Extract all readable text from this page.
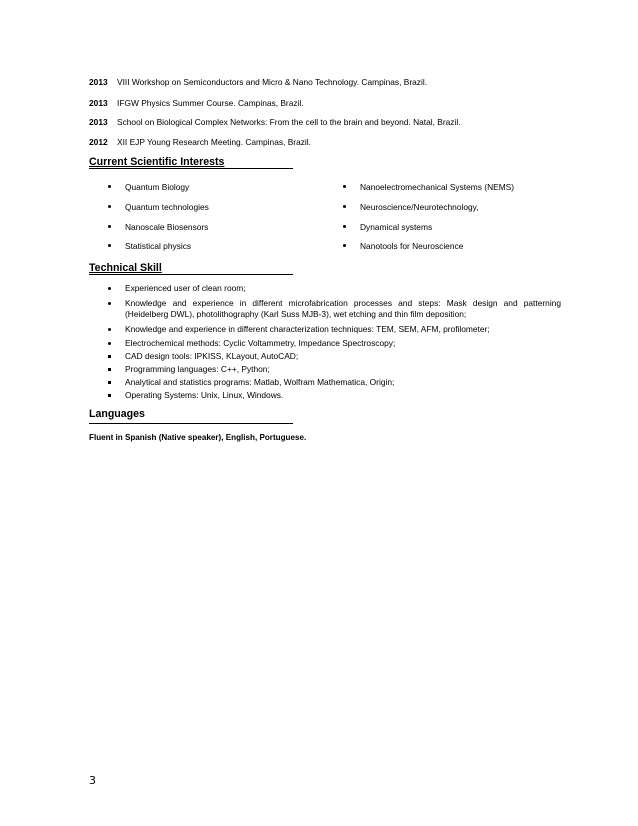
2013 VIII Workshop on Semiconductors and Micro & Nano Technology. Campinas, Brazil.
2013 IFGW Physics Summer Course. Campinas, Brazil.
2013 School on Biological Complex Networks: From the cell to the brain and beyond. Natal, Brazil.
2012 XII EJP Young Research Meeting. Campinas, Brazil.
Current Scientific Interests
Quantum Biology
Quantum technologies
Nanoscale Biosensors
Statistical physics
Nanoelectromechanical Systems (NEMS)
Neuroscience/Neurotechnology,
Dynamical systems
Nanotools for Neuroscience
Technical Skill
Experienced user of clean room;
Knowledge and experience in different microfabrication processes and steps: Mask design and patterning (Heidelberg DWL), photolithography (Karl Suss MJB-3), wet etching and thin film deposition;
Knowledge and experience in different characterization techniques: TEM, SEM, AFM, profilometer;
Electrochemical methods: Cyclic Voltammetry, Impedance Spectroscopy;
CAD design tools: IPKISS, KLayout, AutoCAD;
Programming languages: C++, Python;
Analytical and statistics programs: Matlab, Wolfram Mathematica, Origin;
Operating Systems: Unix, Linux, Windows.
Languages
Fluent in Spanish (Native speaker), English, Portuguese.
3
